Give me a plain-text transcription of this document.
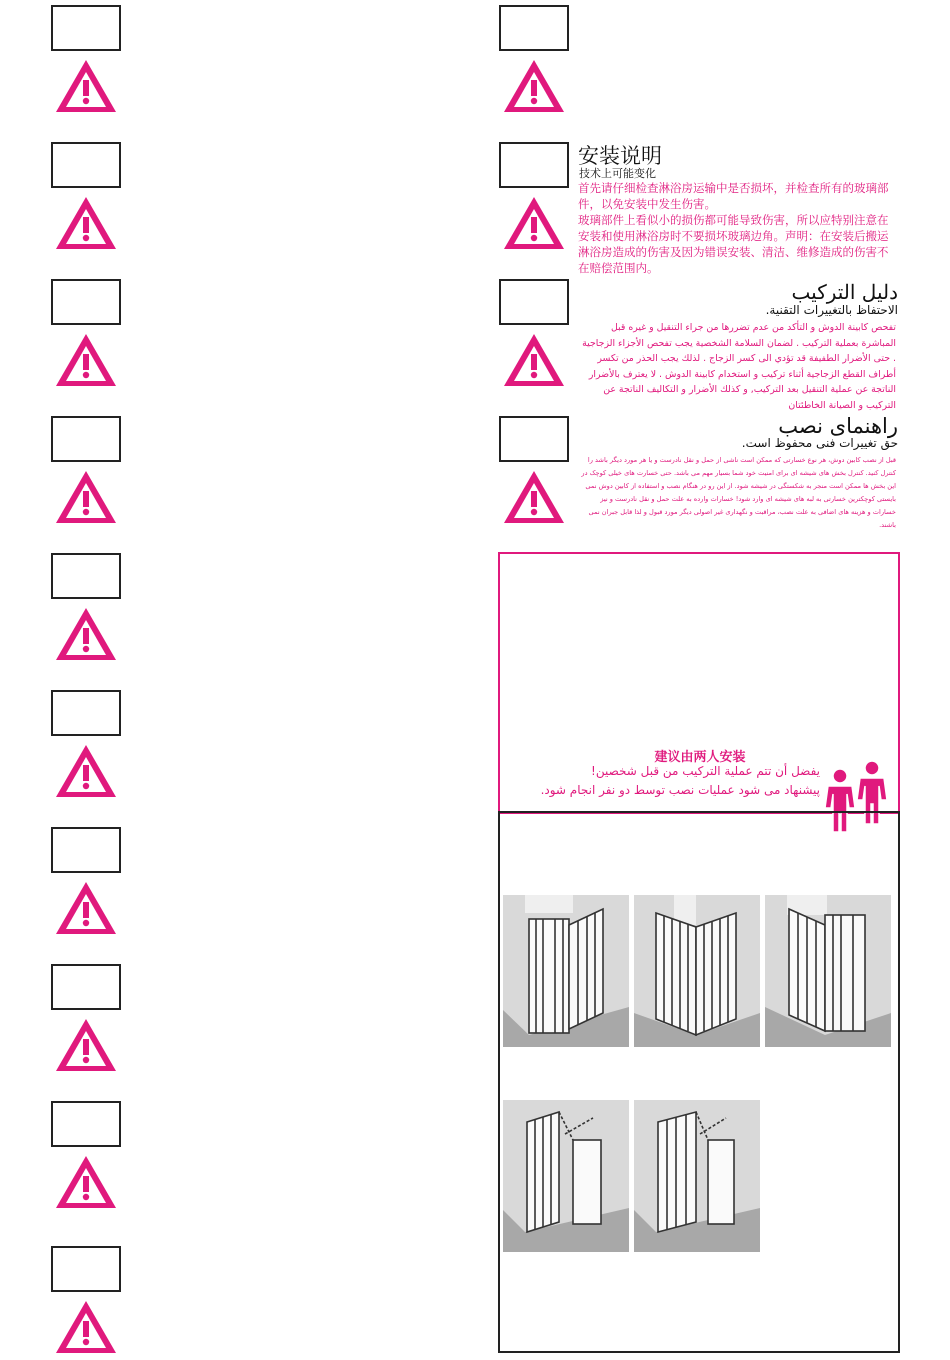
安装说明
技术上可能变化
首先请仔细检查淋浴房运输中是否损坏，并检查所有的玻璃部件，以免安装中发生伤害。
玻璃部件上看似小的损伤都可能导致伤害，所以应特别注意在安装和使用淋浴房时不要损坏玻璃边角。声明：在安装后搬运淋浴房造成的伤害及因为错误安装、清洁、维修造成的伤害不在赔偿范围内。
دليل التركيب
الاحتفاظ بالتغييرات التقنية.
تفحص كابينة الدوش و التأكد من عدم تضررها من جراء التنقيل و غيره قبل المباشرة بعملية التركيب . لضمان السلامة الشخصية يجب تفحص الأجزاء الزجاجية . حتى الأضرار الطفيفة قد تؤدي الى كسر الزجاج . لذلك يجب الحذر من تكسر أطراف القطع الزجاجية أثناء تركيب و استخدام كابينة الدوش . لا يعترف بالأضرار الناتجة عن عملية التنقيل بعد التركيب, و كذلك الأضرار و التكاليف الناتجة عن التركيب و الصيانة الخاطئتان
راهنمای نصب
حق تغییرات فنی محفوظ است.
قبل از نصب کابین دوش، هر نوع خسارتی که ممکن است ناشی از حمل و نقل نادرست و یا هر مورد دیگر باشد را کنترل کنید. کنترل بخش های شیشه ای برای امنیت خود شما بسیار مهم می باشد. حتی خسارت های خیلی کوچک در این بخش ها ممکن است منجر به شکستگی در شیشه شود. از این رو در هنگام نصب و استفاده از کابین دوش نمی بایستی کوچکترین خسارتی به لبه های شیشه ای وارد شود! خسارات وارده به علت حمل و نقل نادرست و نیز خسارات و هزینه های اضافی به علت نصب، مراقبت و نگهداری غیر اصولی دیگر مورد قبول و لذا قابل جبران نمی باشند.
建议由两人安装
يفضل أن تتم عملية التركيب من قبل شخصين!
پیشنهاد می شود عملیات نصب توسط دو نفر انجام شود.
